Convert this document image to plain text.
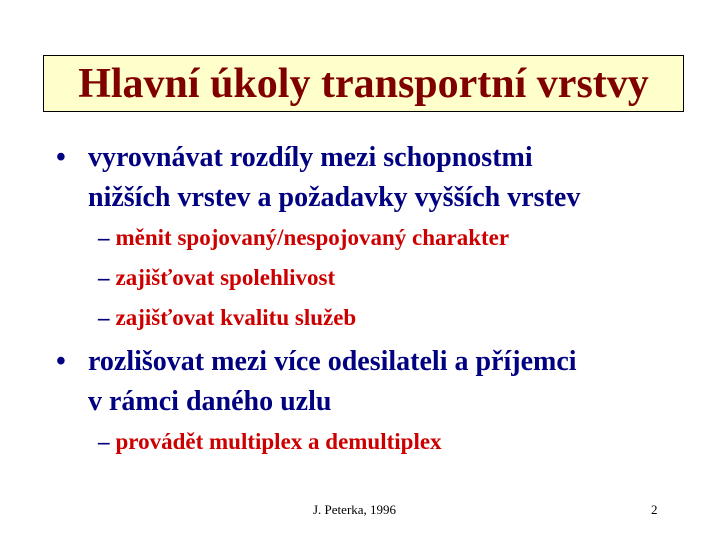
Hlavní úkoly transportní vrstvy
• vyrovnávat rozdíly mezi schopnostmi
nižších vrstev a požadavky vyšších vrstev
– měnit spojovaný/nespojovaný charakter
– zajišťovat spolehlivost
– zajišťovat kvalitu služeb
• rozlišovat mezi více odesilateli a příjemci
v rámci daného uzlu
– provádět multiplex a demultiplex
J. Peterka, 1996	2
